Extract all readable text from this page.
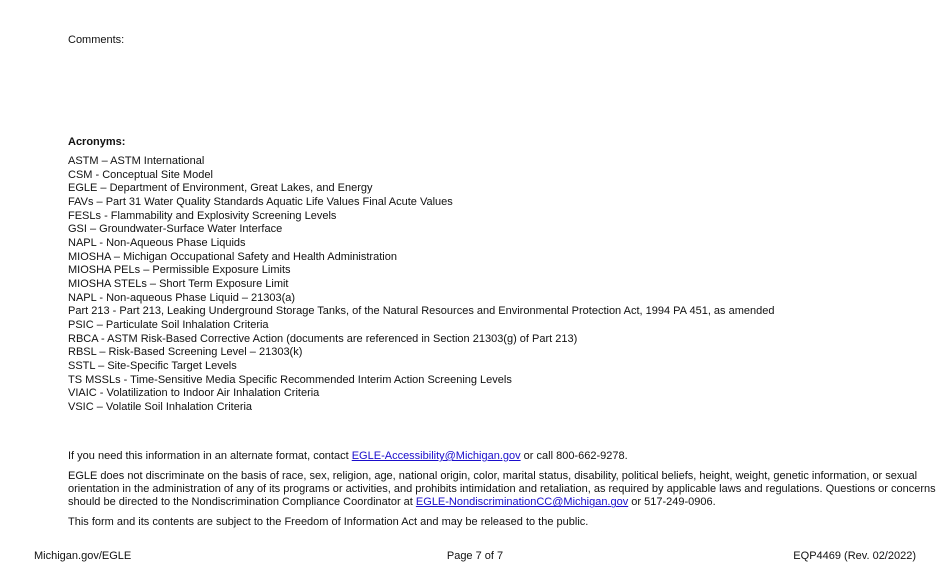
Comments:
Acronyms:
ASTM – ASTM International
CSM - Conceptual Site Model
EGLE – Department of Environment, Great Lakes, and Energy
FAVs – Part 31 Water Quality Standards Aquatic Life Values Final Acute Values
FESLs - Flammability and Explosivity Screening Levels
GSI – Groundwater-Surface Water Interface
NAPL - Non-Aqueous Phase Liquids
MIOSHA – Michigan Occupational Safety and Health Administration
MIOSHA PELs – Permissible Exposure Limits
MIOSHA STELs – Short Term Exposure Limit
NAPL - Non-aqueous Phase Liquid – 21303(a)
Part 213 - Part 213, Leaking Underground Storage Tanks, of the Natural Resources and Environmental Protection Act, 1994 PA 451, as amended
PSIC – Particulate Soil Inhalation Criteria
RBCA - ASTM Risk-Based Corrective Action (documents are referenced in Section 21303(g) of Part 213)
RBSL – Risk-Based Screening Level – 21303(k)
SSTL – Site-Specific Target Levels
TS MSSLs - Time-Sensitive Media Specific Recommended Interim Action Screening Levels
VIAIC - Volatilization to Indoor Air Inhalation Criteria
VSIC – Volatile Soil Inhalation Criteria
If you need this information in an alternate format, contact EGLE-Accessibility@Michigan.gov or call 800-662-9278.
EGLE does not discriminate on the basis of race, sex, religion, age, national origin, color, marital status, disability, political beliefs, height, weight, genetic information, or sexual
orientation in the administration of any of its programs or activities, and prohibits intimidation and retaliation, as required by applicable laws and regulations. Questions or concerns
should be directed to the Nondiscrimination Compliance Coordinator at EGLE-NondiscriminationCC@Michigan.gov or 517-249-0906.
This form and its contents are subject to the Freedom of Information Act and may be released to the public.
Michigan.gov/EGLE	Page 7 of 7	EQP4469 (Rev. 02/2022)
